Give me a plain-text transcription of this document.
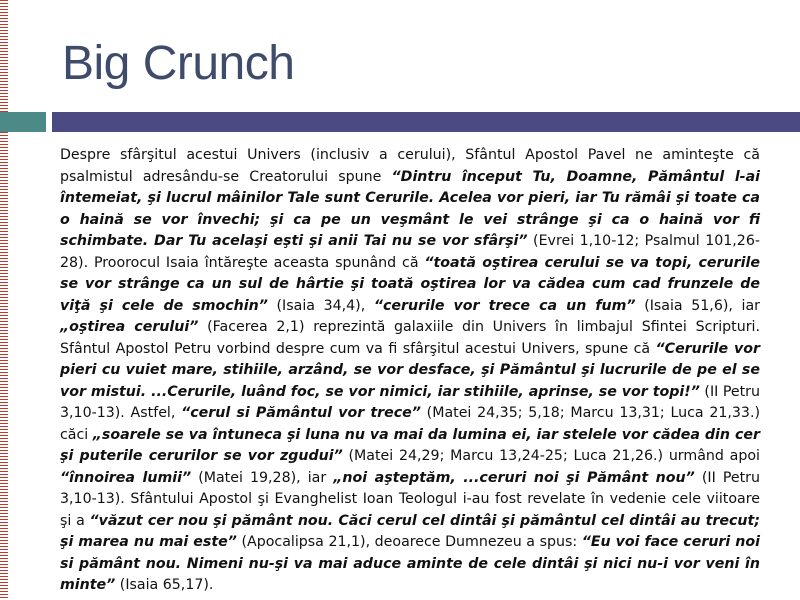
Big Crunch

Despre sfârşitul acestui Univers (inclusiv a cerului), Sfântul Apostol Pavel ne aminteşte că psalmistul adresându-se Creatorului spune “Dintru început Tu, Doamne, Pământul l-ai întemeiat, şi lucrul mâinilor Tale sunt Cerurile. Acelea vor pieri, iar Tu rămâi şi toate ca o haină se vor învechi; şi ca pe un veşmânt le vei strânge şi ca o haină vor fi schimbate. Dar Tu acelaşi eşti şi anii Tai nu se vor sfârşi” (Evrei 1,10-12; Psalmul 101,26-28). Proorocul Isaia întăreşte aceasta spunând că “toată oştirea cerului se va topi, cerurile se vor strânge ca un sul de hârtie şi toată oştirea lor va cădea cum cad frunzele de viţă şi cele de smochin” (Isaia 34,4), “cerurile vor trece ca un fum” (Isaia 51,6), iar „oştirea cerului” (Facerea 2,1) reprezintă galaxiile din Univers în limbajul Sfintei Scripturi. Sfântul Apostol Petru vorbind despre cum va fi sfârşitul acestui Univers, spune că “Cerurile vor pieri cu vuiet mare, stihiile, arzând, se vor desface, şi Pământul şi lucrurile de pe el se vor mistui. ...Cerurile, luând foc, se vor nimici, iar stihiile, aprinse, se vor topi!” (II Petru 3,10-13). Astfel, “cerul si Pământul vor trece” (Matei 24,35; 5,18; Marcu 13,31; Luca 21,33.) căci „soarele se va întuneca şi luna nu va mai da lumina ei, iar stelele vor cădea din cer şi puterile cerurilor se vor zgudui” (Matei 24,29; Marcu 13,24-25; Luca 21,26.) urmând apoi “înnoirea lumii” (Matei 19,28), iar „noi aşteptăm, ...ceruri noi şi Pământ nou” (II Petru 3,10-13). Sfântului Apostol şi Evanghelist Ioan Teologul i-au fost revelate în vedenie cele viitoare şi a “văzut cer nou şi pământ nou. Căci cerul cel dintâi şi pământul cel dintâi au trecut; şi marea nu mai este” (Apocalipsa 21,1), deoarece Dumnezeu a spus: “Eu voi face ceruri noi si pământ nou. Nimeni nu-şi va mai aduce aminte de cele dintâi şi nici nu-i vor veni în minte” (Isaia 65,17).
